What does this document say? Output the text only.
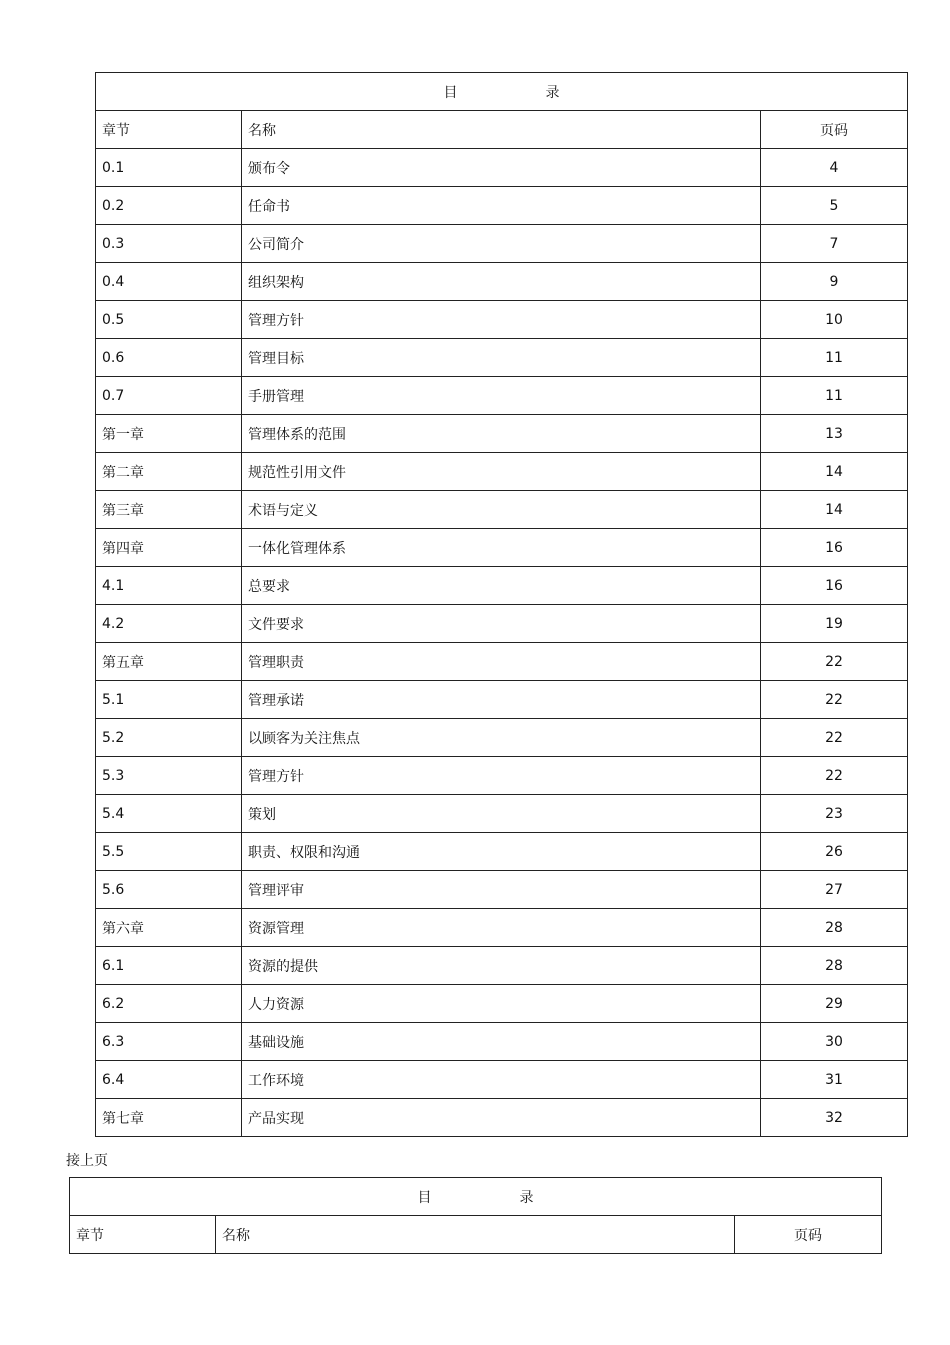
目 录		
章节	名称	页码
0.1	颁布令	4
0.2	任命书	5
0.3	公司简介	7
0.4	组织架构	9
0.5	管理方针	10
0.6	管理目标	11
0.7	手册管理	11
第一章	管理体系的范围	13
第二章	规范性引用文件	14
第三章	术语与定义	14
第四章	一体化管理体系	16
4.1	总要求	16
4.2	文件要求	19
第五章	管理职责	22
5.1	管理承诺	22
5.2	以顾客为关注焦点	22
5.3	管理方针	22
5.4	策划	23
5.5	职责、权限和沟通	26
5.6	管理评审	27
第六章	资源管理	28
6.1	资源的提供	28
6.2	人力资源	29
6.3	基础设施	30
6.4	工作环境	31
第七章	产品实现	32
接上页
目	录
章节	名称	页码
